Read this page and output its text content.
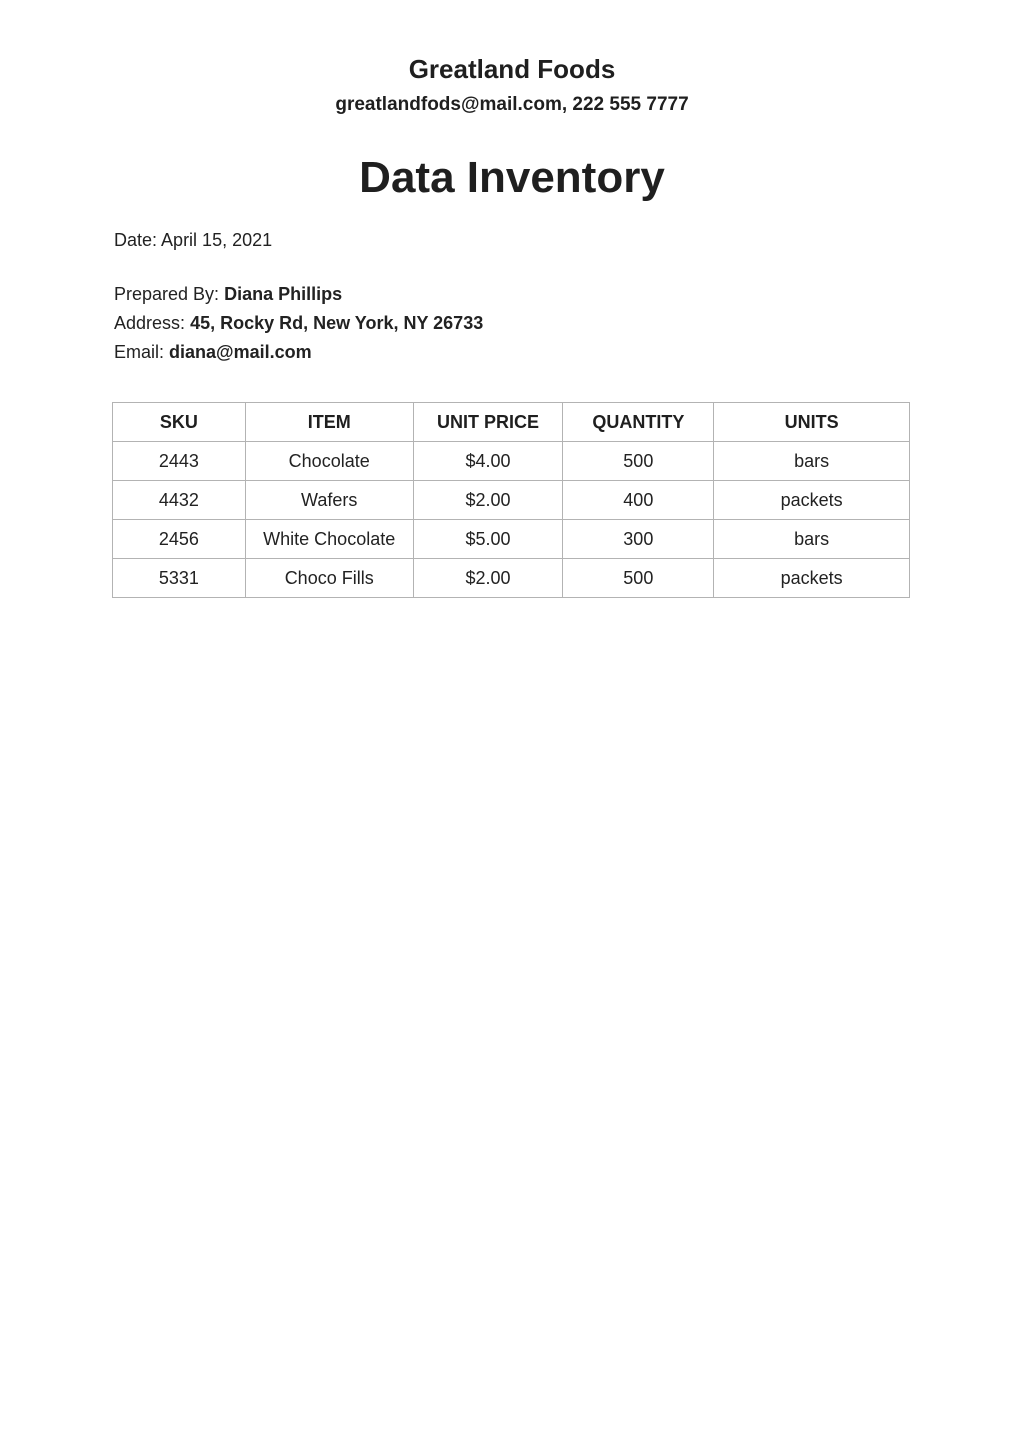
Greatland Foods
greatlandfods@mail.com, 222 555 7777
Data Inventory
Date: April 15, 2021
Prepared By: Diana Phillips
Address: 45, Rocky Rd, New York, NY 26733
Email: diana@mail.com
SKU	ITEM	UNIT PRICE	QUANTITY	UNITS
2443	Chocolate	$4.00	500	bars
4432	Wafers	$2.00	400	packets
2456	White Chocolate	$5.00	300	bars
5331	Choco Fills	$2.00	500	packets
